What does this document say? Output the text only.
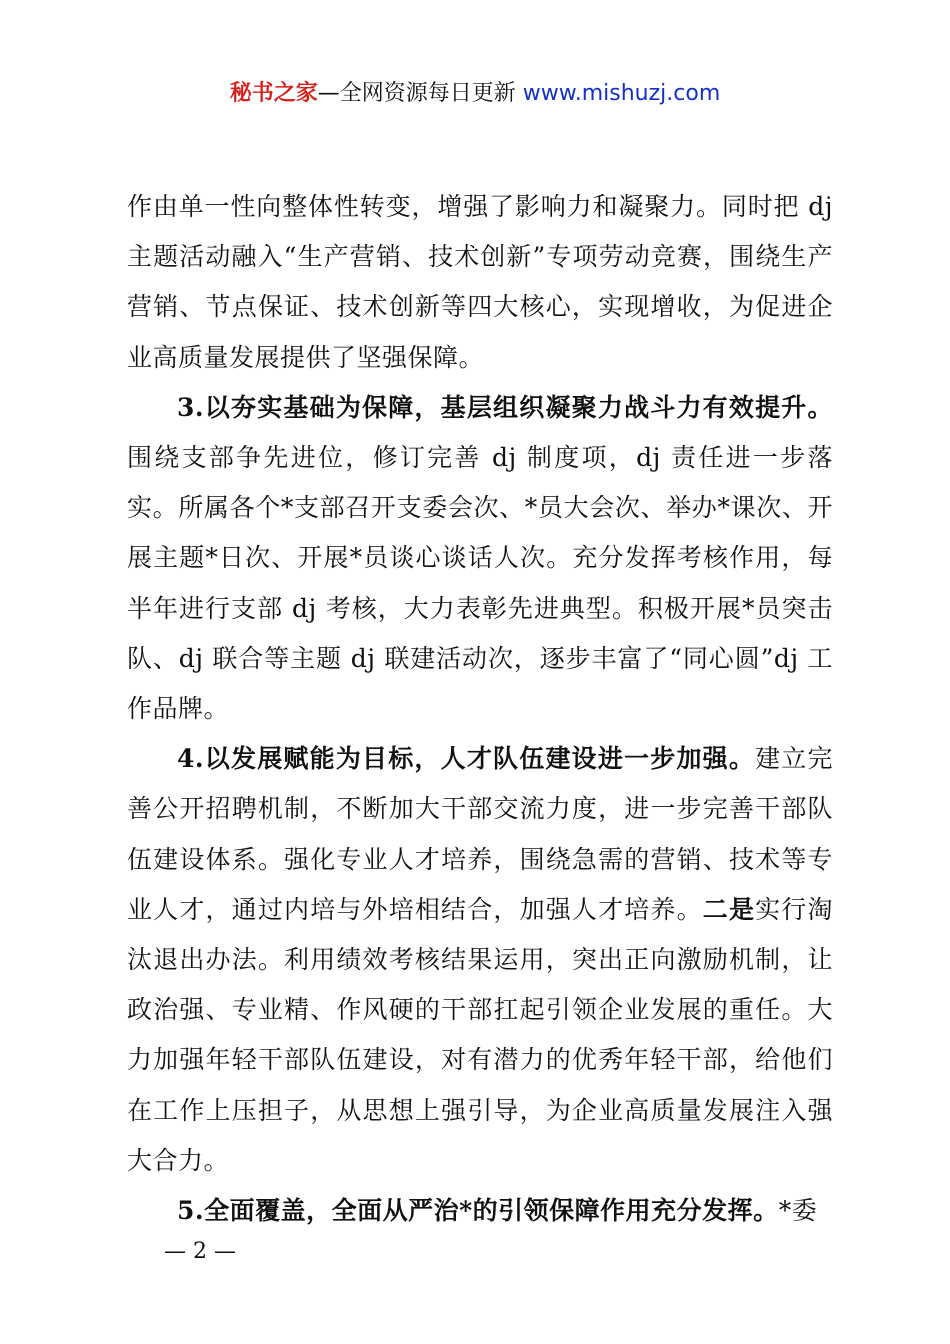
秘书之家—全网资源每日更新 www.mishuzj.com

作由单一性向整体性转变，增强了影响力和凝聚力。同时把 dj 主题活动融入“生产营销、技术创新”专项劳动竞赛，围绕生产营销、节点保证、技术创新等四大核心，实现增收，为促进企业高质量发展提供了坚强保障。

3.以夯实基础为保障，基层组织凝聚力战斗力有效提升。围绕支部争先进位，修订完善 dj 制度项，dj 责任进一步落实。所属各个*支部召开支委会次、*员大会次、举办*课次、开展主题*日次、开展*员谈心谈话人次。充分发挥考核作用，每半年进行支部 dj 考核，大力表彰先进典型。积极开展*员突击队、dj 联合等主题 dj 联建活动次，逐步丰富了“同心圆”dj 工作品牌。

4.以发展赋能为目标，人才队伍建设进一步加强。建立完善公开招聘机制，不断加大干部交流力度，进一步完善干部队伍建设体系。强化专业人才培养，围绕急需的营销、技术等专业人才，通过内培与外培相结合，加强人才培养。二是实行淘汰退出办法。利用绩效考核结果运用，突出正向激励机制，让政治强、专业精、作风硬的干部扛起引领企业发展的重任。大力加强年轻干部队伍建设，对有潜力的优秀年轻干部，给他们在工作上压担子，从思想上强引导，为企业高质量发展注入强大合力。

5.全面覆盖，全面从严治*的引领保障作用充分发挥。*委

— 2 —
